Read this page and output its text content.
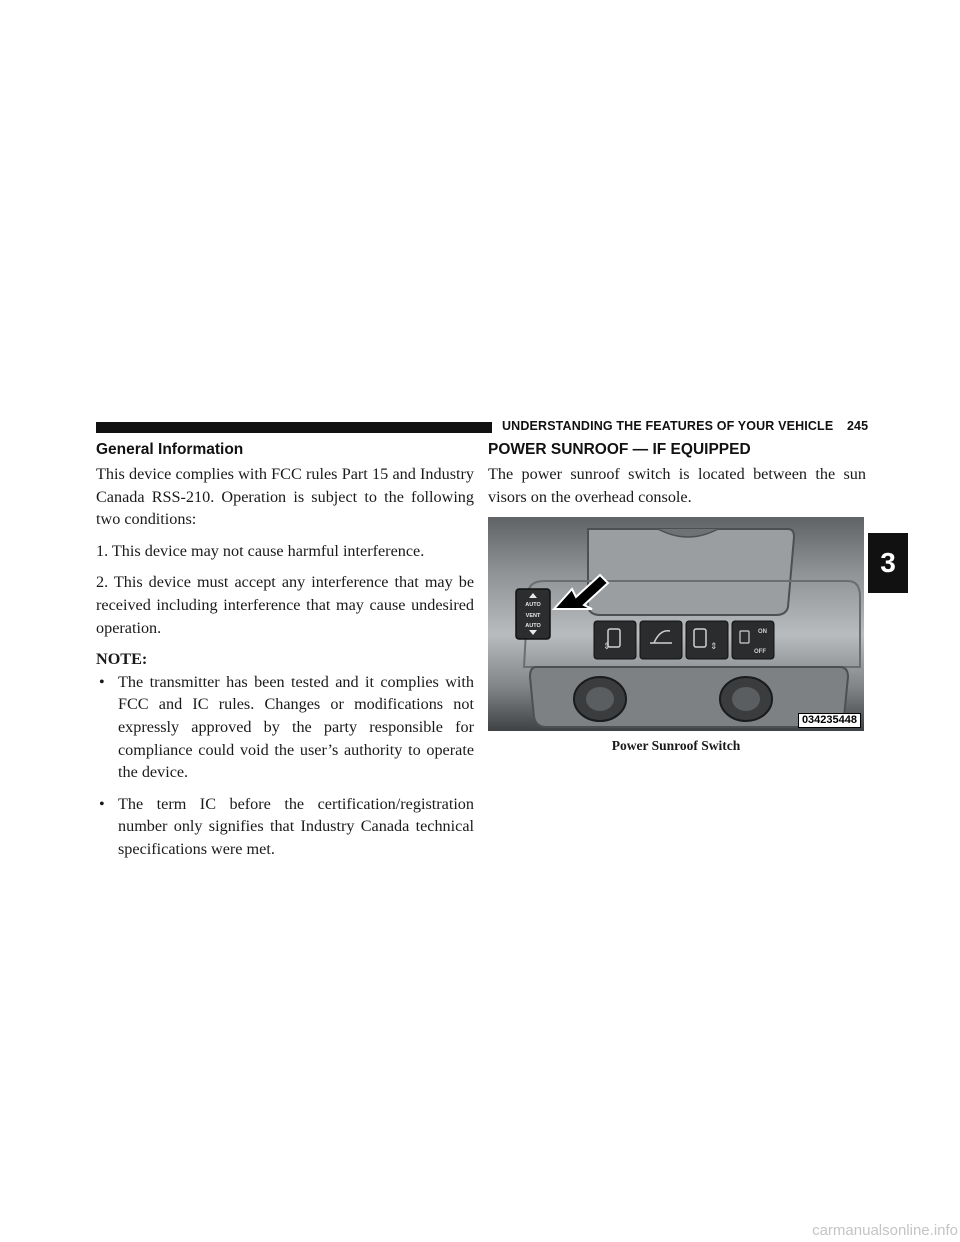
UNDERSTANDING THE FEATURES OF YOUR VEHICLE 245
General Information

This device complies with FCC rules Part 15 and Industry Canada RSS-210. Operation is subject to the following two conditions:

1. This device may not cause harmful interference.

2. This device must accept any interference that may be received including interference that may cause undesired operation.

NOTE:

• The transmitter has been tested and it complies with FCC and IC rules. Changes or modifications not expressly approved by the party responsible for compliance could void the user’s authority to operate the device.
• The term IC before the certification/registration number only signifies that Industry Canada technical specifications were met.
POWER SUNROOF — IF EQUIPPED

The power sunroof switch is located between the sun visors on the overhead console.

AUTO
VENT
AUTO
⇕	⇕
ON
OFF
034235448
Power Sunroof Switch
3
carmanualsonline.info
